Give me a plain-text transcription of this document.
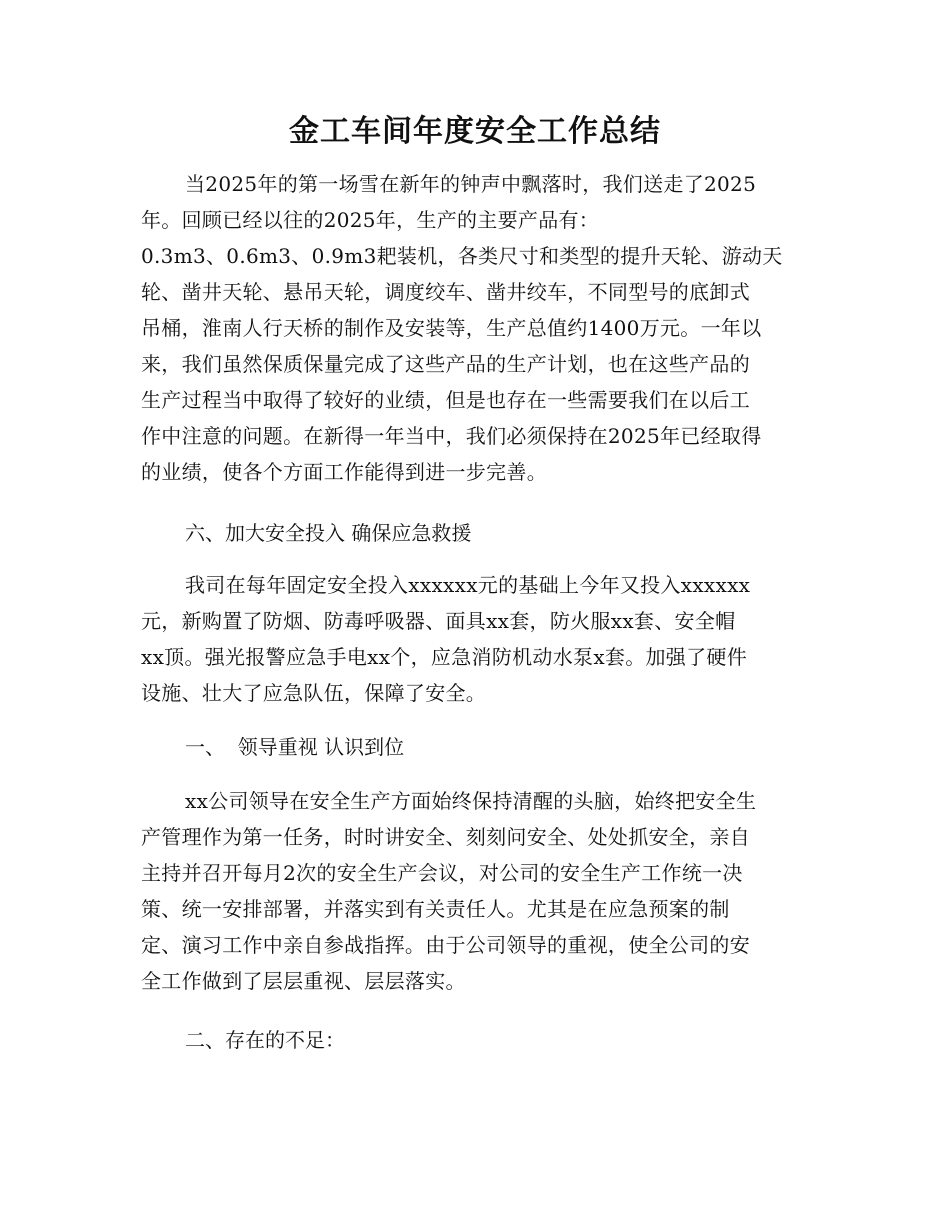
金工车间年度安全工作总结
当2025年的第一场雪在新年的钟声中飘落时，我们送走了2025
年。回顾已经以往的2025年，生产的主要产品有：
0.3m3、0.6m3、0.9m3耙装机，各类尺寸和类型的提升天轮、游动天
轮、凿井天轮、悬吊天轮，调度绞车、凿井绞车，不同型号的底卸式
吊桶，淮南人行天桥的制作及安装等，生产总值约1400万元。一年以
来，我们虽然保质保量完成了这些产品的生产计划，也在这些产品的
生产过程当中取得了较好的业绩，但是也存在一些需要我们在以后工
作中注意的问题。在新得一年当中，我们必须保持在2025年已经取得
的业绩，使各个方面工作能得到进一步完善。
六、加大安全投入 确保应急救援
我司在每年固定安全投入xxxxxx元的基础上今年又投入xxxxxx
元，新购置了防烟、防毒呼吸器、面具xx套，防火服xx套、安全帽
xx顶。强光报警应急手电xx个，应急消防机动水泵x套。加强了硬件
设施、壮大了应急队伍，保障了安全。
一、  领导重视 认识到位
xx公司领导在安全生产方面始终保持清醒的头脑，始终把安全生
产管理作为第一任务，时时讲安全、刻刻问安全、处处抓安全，亲自
主持并召开每月2次的安全生产会议，对公司的安全生产工作统一决
策、统一安排部署，并落实到有关责任人。尤其是在应急预案的制
定、演习工作中亲自参战指挥。由于公司领导的重视，使全公司的安
全工作做到了层层重视、层层落实。
二、存在的不足：
